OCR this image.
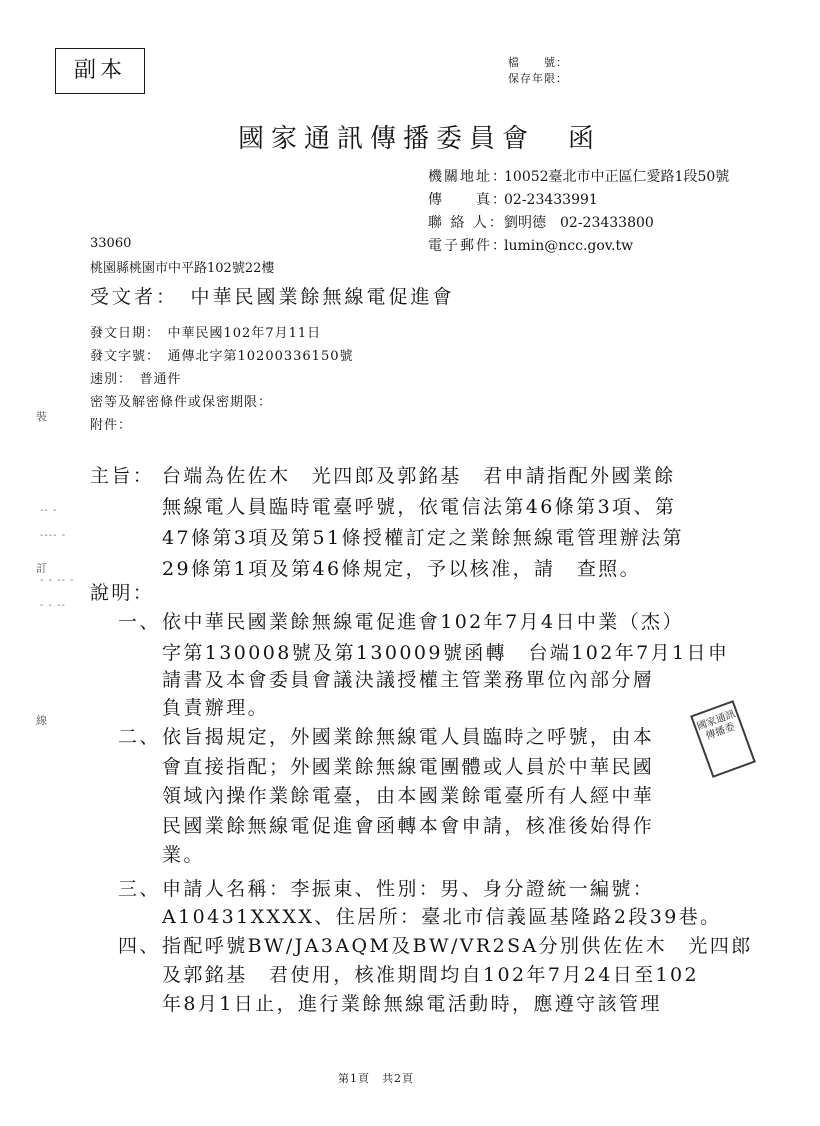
副本	檔　　號：
保存年限：
國家通訊傳播委員會　函
機關地址：10052臺北市中正區仁愛路1段50號
傳　　真：02-23433991
聯 絡 人：劉明德　02-23433800
電子郵件：lumin@ncc.gov.tw
33060
桃園縣桃園市中平路102號22樓
受文者：　中華民國業餘無線電促進會
發文日期：　中華民國102年7月11日
發文字號：　通傳北字第10200336150號
速別：　普通件
密等及解密條件或保密期限：
附件：
主旨： 台端為佐佐木　光四郎及郭銘基　君申請指配外國業餘
無線電人員臨時電臺呼號，依電信法第46條第3項、第
47條第3項及第51條授權訂定之業餘無線電管理辦法第
29條第1項及第46條規定，予以核准，請　查照。
說明：
一、 依中華民國業餘無線電促進會102年7月4日中業（杰）
字第130008號及第130009號函轉　台端102年7月1日申
請書及本會委員會議決議授權主管業務單位內部分層
負責辦理。
二、 依旨揭規定，外國業餘無線電人員臨時之呼號，由本
會直接指配；外國業餘無線電團體或人員於中華民國
領域內操作業餘電臺，由本國業餘電臺所有人經中華
民國業餘無線電促進會函轉本會申請，核准後始得作
業。
三、 申請人名稱：李振東、性別：男、身分證統一編號：
A10431XXXX、住居所：臺北市信義區基隆路2段39巷。
四、 指配呼號BW/JA3AQM及BW/VR2SA分別供佐佐木　光四郎
及郭銘基　君使用，核准期間均自102年7月24日至102
年8月1日止，進行業餘無線電活動時，應遵守該管理
國家通訊傳播委
裝
訂
線
-- -
---- -
- - -- -
- - --
第1頁　共2頁
